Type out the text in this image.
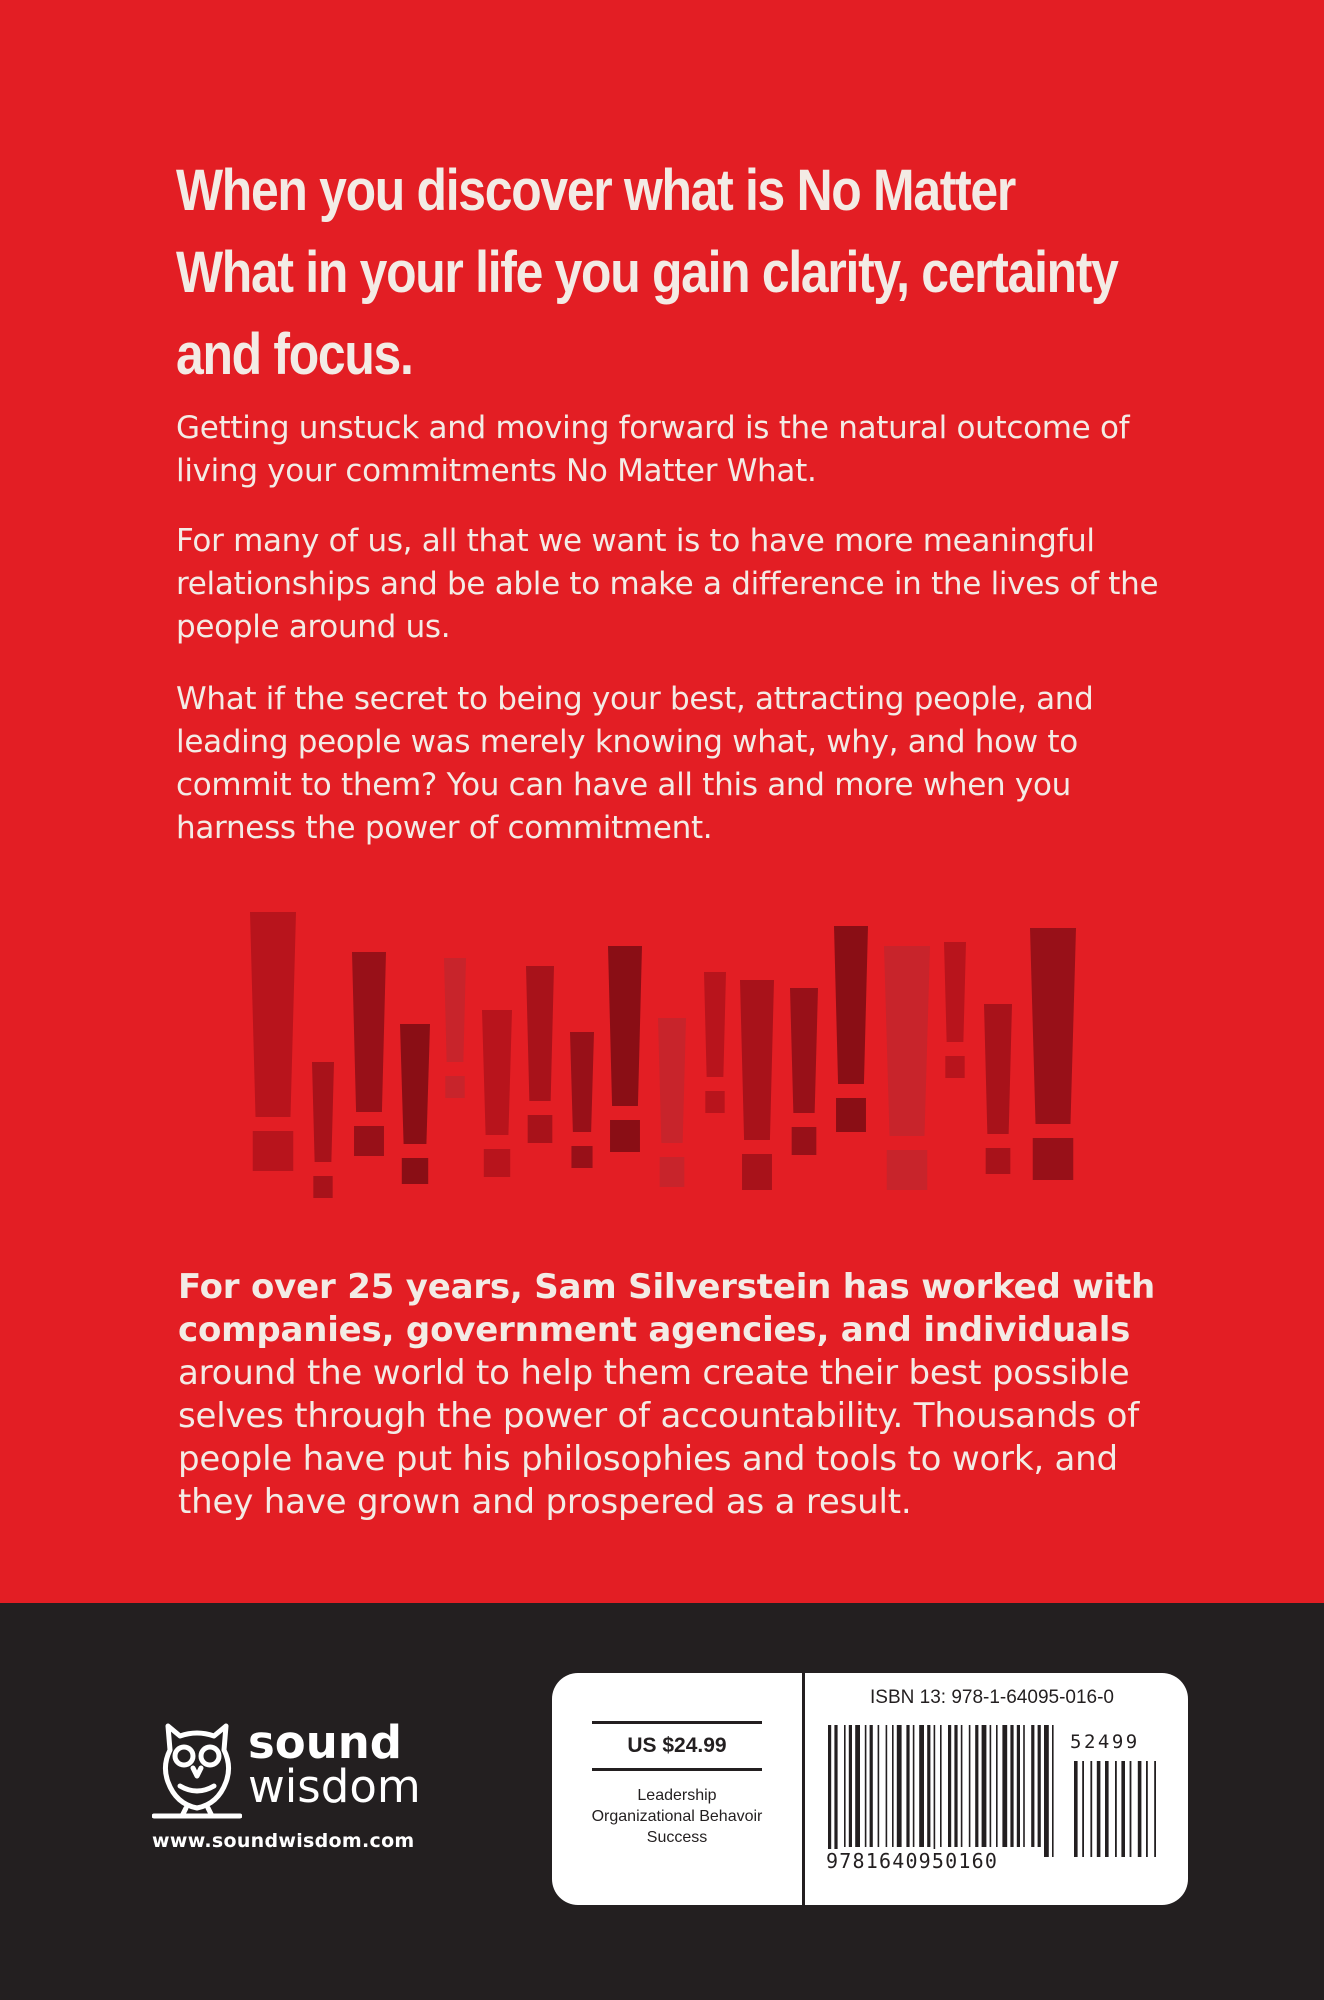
When you discover what is No Matter What in your life you gain clarity, certainty and focus.

Getting unstuck and moving forward is the natural outcome of living your commitments No Matter What.

For many of us, all that we want is to have more meaningful relationships and be able to make a difference in the lives of the people around us.

What if the secret to being your best, attracting people, and leading people was merely knowing what, why, and how to commit to them? You can have all this and more when you harness the power of commitment.

For over 25 years, Sam Silverstein has worked with companies, government agencies, and individuals around the world to help them create their best possible selves through the power of accountability. Thousands of people have put his philosophies and tools to work, and they have grown and prospered as a result.

sound

wisdom

www.soundwisdom.com
US $24.99
Leadership
Organizational Behavoir
Success
ISBN 13: 978-1-64095-016-0
9781640950160
52499
